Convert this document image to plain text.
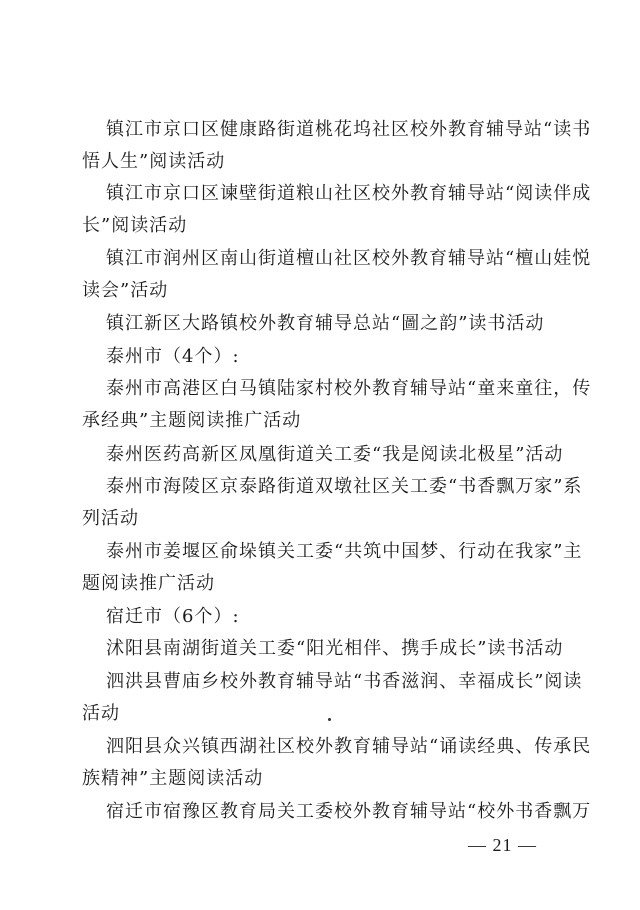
镇江市京口区健康路街道桃花坞社区校外教育辅导站“读书
悟人生”阅读活动
镇江市京口区谏壁街道粮山社区校外教育辅导站“阅读伴成
长”阅读活动
镇江市润州区南山街道檀山社区校外教育辅导站“檀山娃悦
读会”活动
镇江新区大路镇校外教育辅导总站“圖之韵”读书活动
泰州市（4个）:
泰州市高港区白马镇陆家村校外教育辅导站“童来童往，传
承经典”主题阅读推广活动
泰州医药高新区凤凰街道关工委“我是阅读北极星”活动
泰州市海陵区京泰路街道双墩社区关工委“书香飘万家”系
列活动
泰州市姜堰区俞垛镇关工委“共筑中国梦、行动在我家”主
题阅读推广活动
宿迁市（6个）:
沭阳县南湖街道关工委“阳光相伴、携手成长”读书活动
泗洪县曹庙乡校外教育辅导站“书香滋润、幸福成长”阅读
活动
泗阳县众兴镇西湖社区校外教育辅导站“诵读经典、传承民
族精神”主题阅读活动
宿迁市宿豫区教育局关工委校外教育辅导站“校外书香飘万
— 21 —
